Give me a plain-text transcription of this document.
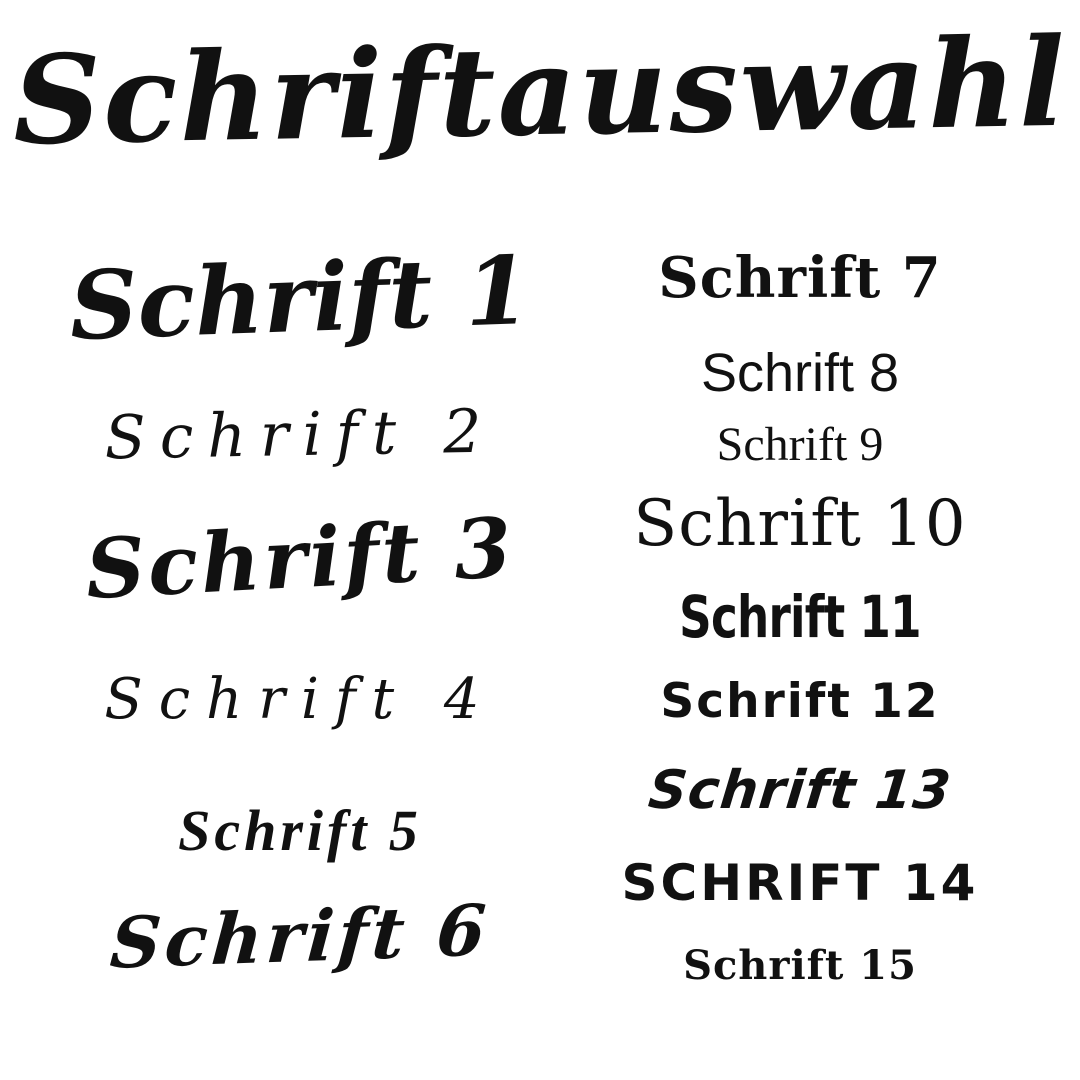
Schriftauswahl
Schrift 1
Schrift 2
Schrift 3
Schrift 4
Schrift 5
Schrift 6
Schrift 7
Schrift 8
Schrift 9
Schrift 10
Schrift 11
Schrift 12
Schrift 13
SCHRIFT 14
Schrift 15
